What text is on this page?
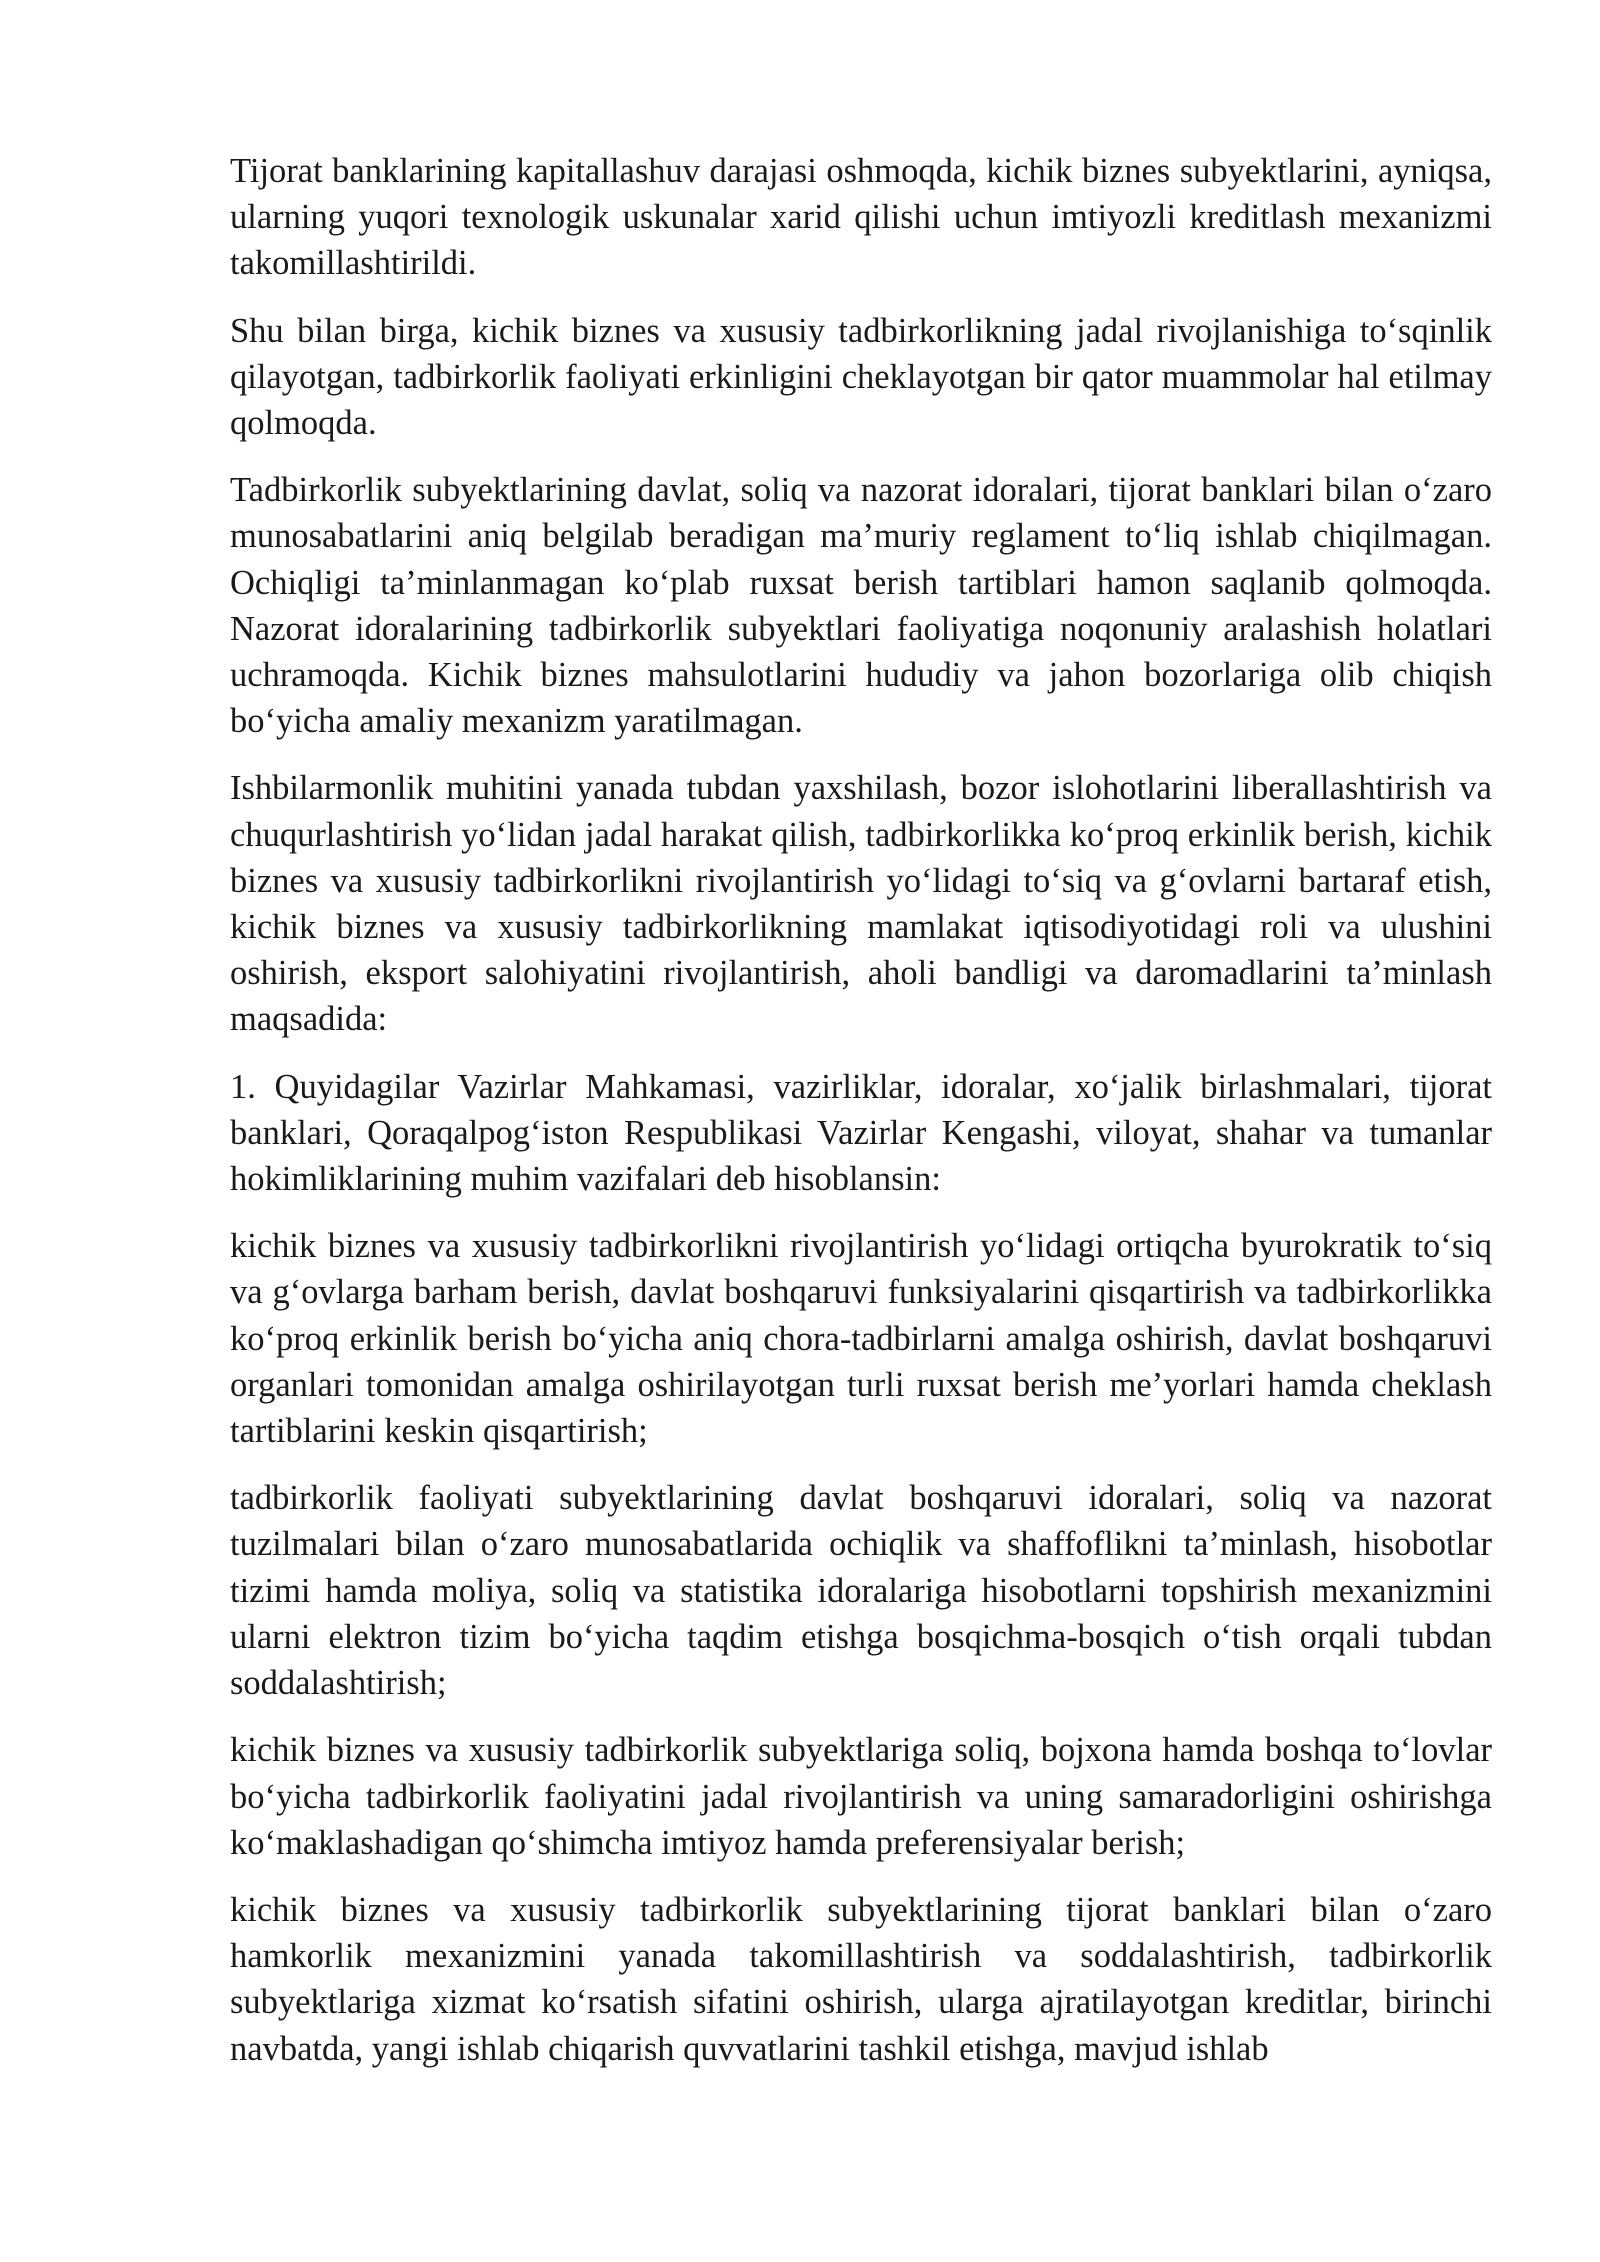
Tijorat banklarining kapitallashuv darajasi oshmoqda, kichik biznes subyektlarini, ayniqsa, ularning yuqori texnologik uskunalar xarid qilishi uchun imtiyozli kreditlash mexanizmi takomillashtirildi.

Shu bilan birga, kichik biznes va xususiy tadbirkorlikning jadal rivojlanishiga to‘sqinlik qilayotgan, tadbirkorlik faoliyati erkinligini cheklayotgan bir qator muammolar hal etilmay qolmoqda.

Tadbirkorlik subyektlarining davlat, soliq va nazorat idoralari, tijorat banklari bilan o‘zaro munosabatlarini aniq belgilab beradigan ma’muriy reglament to‘liq ishlab chiqilmagan. Ochiqligi ta’minlanmagan ko‘plab ruxsat berish tartiblari hamon saqlanib qolmoqda. Nazorat idoralarining tadbirkorlik subyektlari faoliyatiga noqonuniy aralashish holatlari uchramoqda. Kichik biznes mahsulotlarini hududiy va jahon bozorlariga olib chiqish bo‘yicha amaliy mexanizm yaratilmagan.

Ishbilarmonlik muhitini yanada tubdan yaxshilash, bozor islohotlarini liberallashtirish va chuqurlashtirish yo‘lidan jadal harakat qilish, tadbirkorlikka ko‘proq erkinlik berish, kichik biznes va xususiy tadbirkorlikni rivojlantirish yo‘lidagi to‘siq va g‘ovlarni bartaraf etish, kichik biznes va xususiy tadbirkorlikning mamlakat iqtisodiyotidagi roli va ulushini oshirish, eksport salohiyatini rivojlantirish, aholi bandligi va daromadlarini ta’minlash maqsadida:

1. Quyidagilar Vazirlar Mahkamasi, vazirliklar, idoralar, xo‘jalik birlashmalari, tijorat banklari, Qoraqalpog‘iston Respublikasi Vazirlar Kengashi, viloyat, shahar va tumanlar hokimliklarining muhim vazifalari deb hisoblansin:

kichik biznes va xususiy tadbirkorlikni rivojlantirish yo‘lidagi ortiqcha byurokratik to‘siq va g‘ovlarga barham berish, davlat boshqaruvi funksiyalarini qisqartirish va tadbirkorlikka ko‘proq erkinlik berish bo‘yicha aniq chora-tadbirlarni amalga oshirish, davlat boshqaruvi organlari tomonidan amalga oshirilayotgan turli ruxsat berish me’yorlari hamda cheklash tartiblarini keskin qisqartirish;

tadbirkorlik faoliyati subyektlarining davlat boshqaruvi idoralari, soliq va nazorat tuzilmalari bilan o‘zaro munosabatlarida ochiqlik va shaffoflikni ta’minlash, hisobotlar tizimi hamda moliya, soliq va statistika idoralariga hisobotlarni topshirish mexanizmini ularni elektron tizim bo‘yicha taqdim etishga bosqichma-bosqich o‘tish orqali tubdan soddalashtirish;

kichik biznes va xususiy tadbirkorlik subyektlariga soliq, bojxona hamda boshqa to‘lovlar bo‘yicha tadbirkorlik faoliyatini jadal rivojlantirish va uning samaradorligini oshirishga ko‘maklashadigan qo‘shimcha imtiyoz hamda preferensiyalar berish;

kichik biznes va xususiy tadbirkorlik subyektlarining tijorat banklari bilan o‘zaro hamkorlik mexanizmini yanada takomillashtirish va soddalashtirish, tadbirkorlik subyektlariga xizmat ko‘rsatish sifatini oshirish, ularga ajratilayotgan kreditlar, birinchi navbatda, yangi ishlab chiqarish quvvatlarini tashkil etishga, mavjud ishlab
